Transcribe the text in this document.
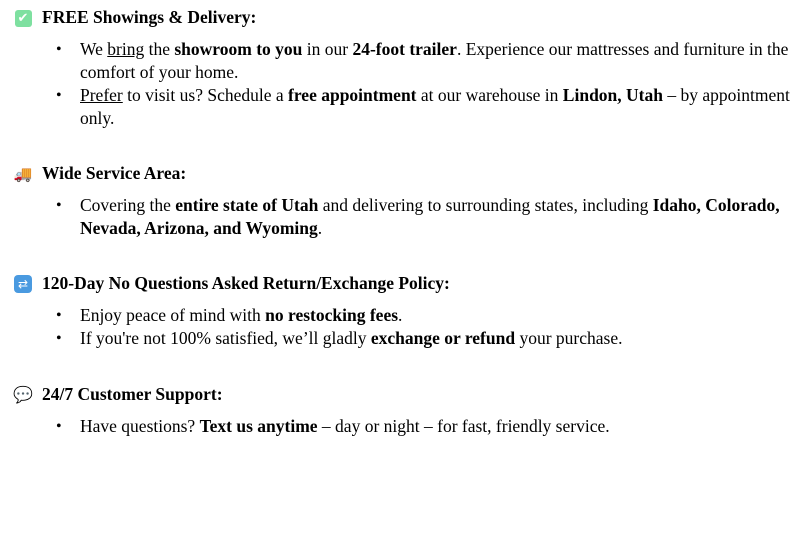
✔ FREE Showings & Delivery:
• We bring the showroom to you in our 24-foot trailer. Experience our mattresses and furniture in the comfort of your home.
• Prefer to visit us? Schedule a free appointment at our warehouse in Lindon, Utah – by appointment only.
🚚 Wide Service Area:
• Covering the entire state of Utah and delivering to surrounding states, including Idaho, Colorado, Nevada, Arizona, and Wyoming.
⇄ 120-Day No Questions Asked Return/Exchange Policy:
• Enjoy peace of mind with no restocking fees.
• If you're not 100% satisfied, we’ll gladly exchange or refund your purchase.
💬 24/7 Customer Support:
• Have questions? Text us anytime – day or night – for fast, friendly service.
